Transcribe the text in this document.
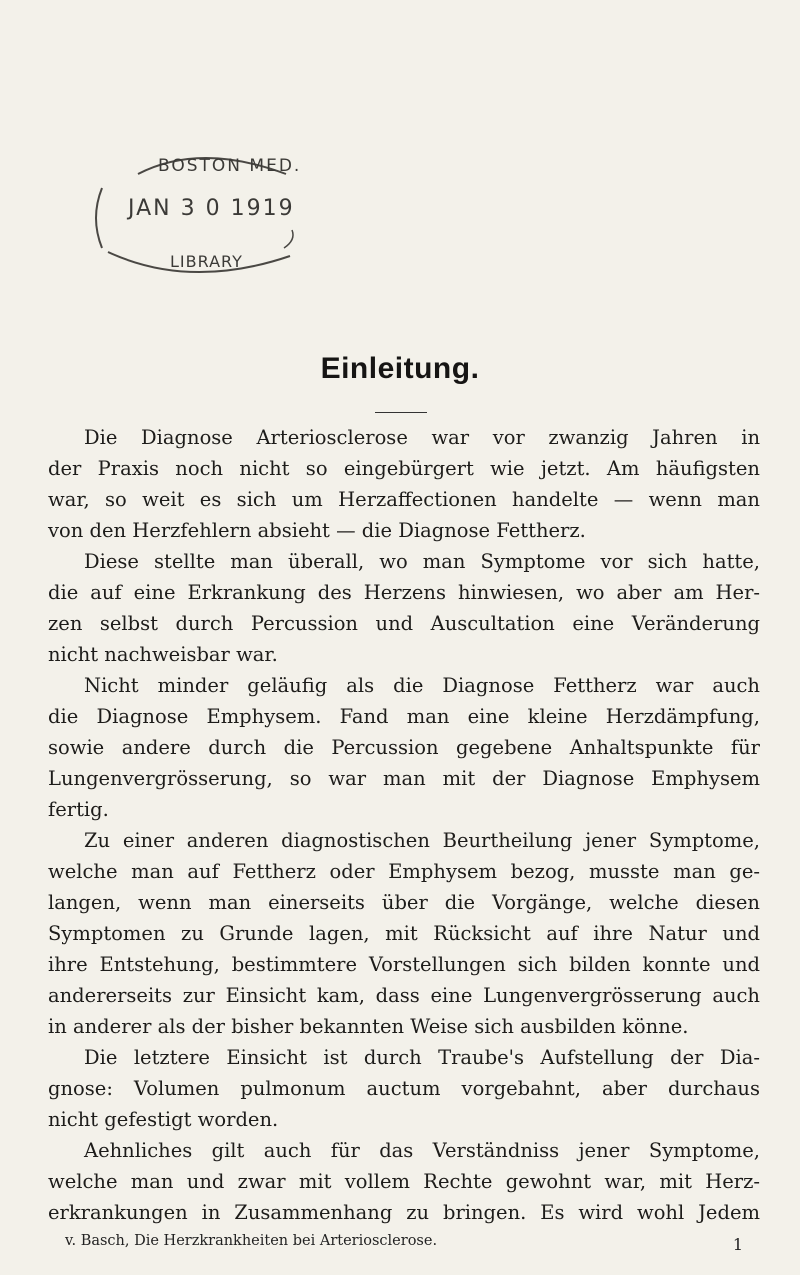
BOSTON MED.
JAN 3 0 1919
LIBRARY
Einleitung.
Die Diagnose Arteriosclerose war vor zwanzig Jahren in
der Praxis noch nicht so eingebürgert wie jetzt. Am häufigsten
war, so weit es sich um Herzaffectionen handelte — wenn man
von den Herzfehlern absieht — die Diagnose Fettherz.
Diese stellte man überall, wo man Symptome vor sich hatte,
die auf eine Erkrankung des Herzens hinwiesen, wo aber am Her-
zen selbst durch Percussion und Auscultation eine Veränderung
nicht nachweisbar war.
Nicht minder geläufig als die Diagnose Fettherz war auch
die Diagnose Emphysem. Fand man eine kleine Herzdämpfung,
sowie andere durch die Percussion gegebene Anhaltspunkte für
Lungenvergrösserung, so war man mit der Diagnose Emphysem
fertig.
Zu einer anderen diagnostischen Beurtheilung jener Symptome,
welche man auf Fettherz oder Emphysem bezog, musste man ge-
langen, wenn man einerseits über die Vorgänge, welche diesen
Symptomen zu Grunde lagen, mit Rücksicht auf ihre Natur und
ihre Entstehung, bestimmtere Vorstellungen sich bilden konnte und
andererseits zur Einsicht kam, dass eine Lungenvergrösserung auch
in anderer als der bisher bekannten Weise sich ausbilden könne.
Die letztere Einsicht ist durch Traube's Aufstellung der Dia-
gnose: Volumen pulmonum auctum vorgebahnt, aber durchaus
nicht gefestigt worden.
Aehnliches gilt auch für das Verständniss jener Symptome,
welche man und zwar mit vollem Rechte gewohnt war, mit Herz-
erkrankungen in Zusammenhang zu bringen. Es wird wohl Jedem
v. Basch, Die Herzkrankheiten bei Arteriosclerose.	1
